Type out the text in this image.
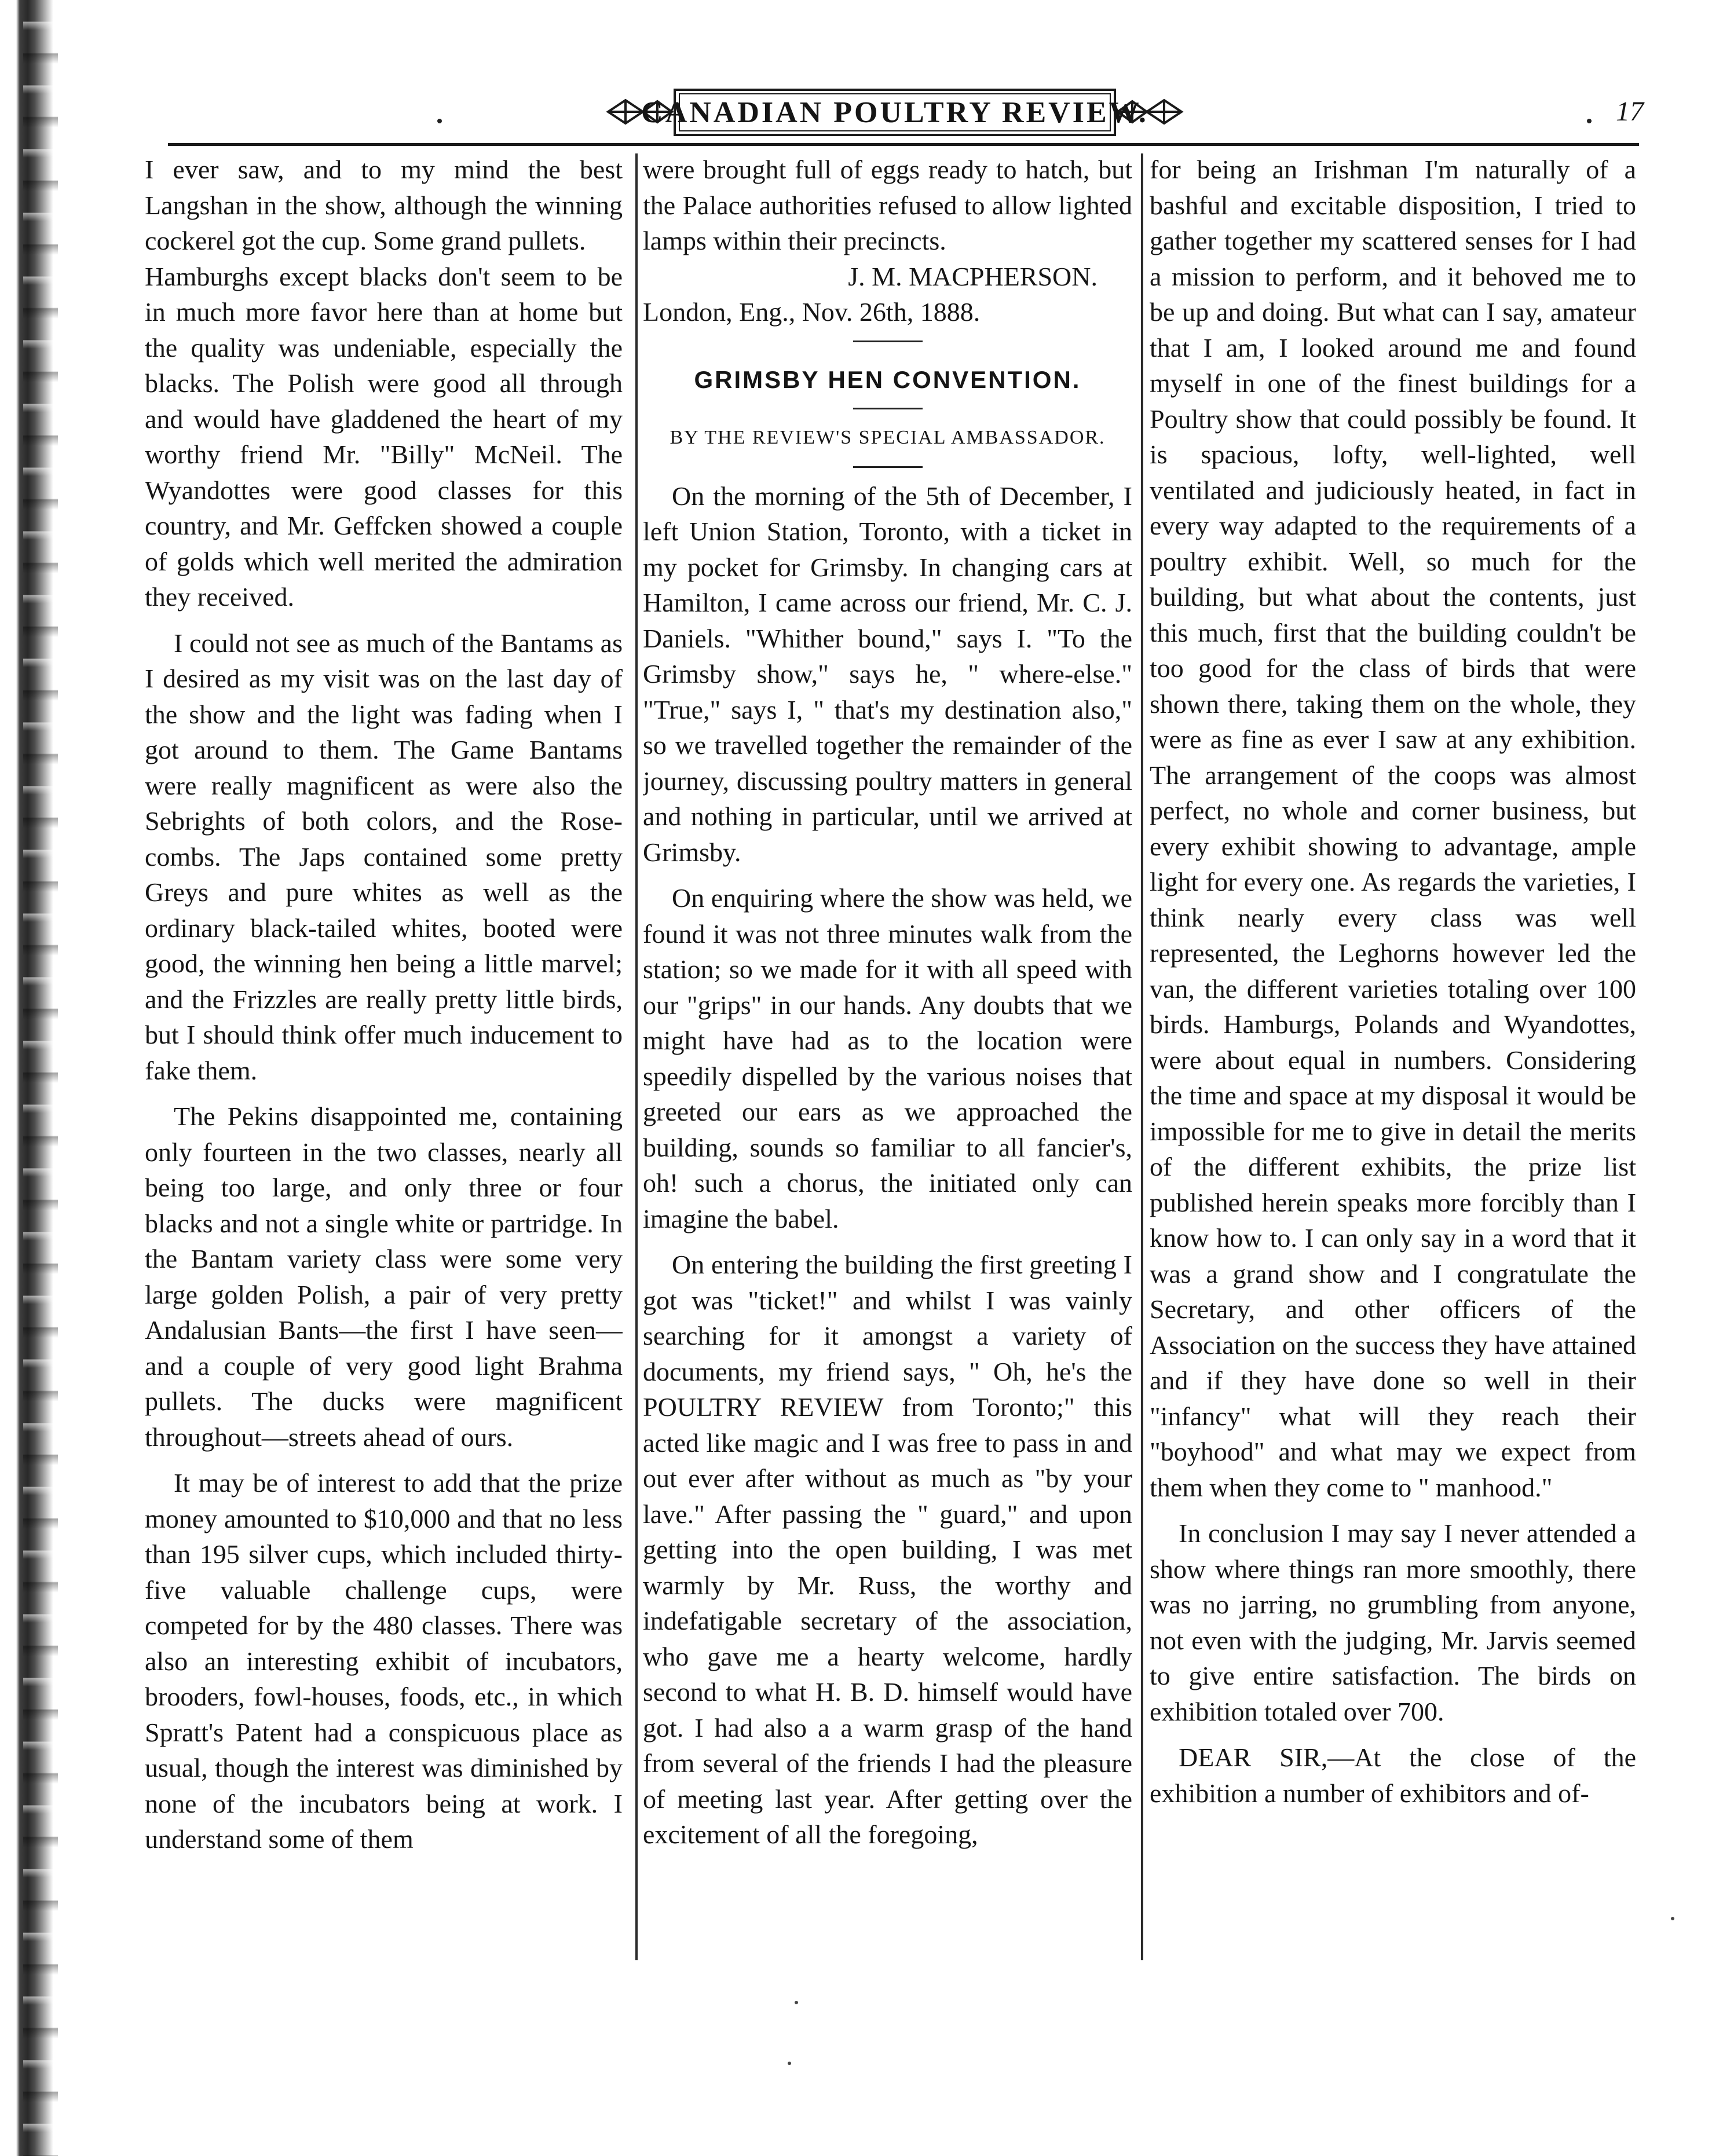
CANADIAN POULTRY REVIEW.	17

I ever saw, and to my mind the best Langshan in the show, although the winning cockerel got the cup. Some grand pullets.

Hamburghs except blacks don't seem to be in much more favor here than at home but the quality was undeniable, especially the blacks. The Polish were good all through and would have gladdened the heart of my worthy friend Mr. "Billy" McNeil. The Wyandottes were good classes for this country, and Mr. Geffcken showed a couple of golds which well merited the admiration they received.

I could not see as much of the Bantams as I desired as my visit was on the last day of the show and the light was fading when I got around to them. The Game Bantams were really magnificent as were also the Sebrights of both colors, and the Rose-combs. The Japs contained some pretty Greys and pure whites as well as the ordinary black-tailed whites, booted were good, the winning hen being a little marvel; and the Frizzles are really pretty little birds, but I should think offer much inducement to fake them.

The Pekins disappointed me, containing only fourteen in the two classes, nearly all being too large, and only three or four blacks and not a single white or partridge. In the Bantam variety class were some very large golden Polish, a pair of very pretty Andalusian Bants—the first I have seen—and a couple of very good light Brahma pullets. The ducks were magnificent throughout—streets ahead of ours.

It may be of interest to add that the prize money amounted to $10,000 and that no less than 195 silver cups, which included thirty-five valuable challenge cups, were competed for by the 480 classes. There was also an interesting exhibit of incubators, brooders, fowl-houses, foods, etc., in which Spratt's Patent had a conspicuous place as usual, though the interest was diminished by none of the incubators being at work. I understand some of them

were brought full of eggs ready to hatch, but the Palace authorities refused to allow lighted lamps within their precincts.

J. M. MACPHERSON.

London, Eng., Nov. 26th, 1888.

GRIMSBY HEN CONVENTION.
BY THE REVIEW'S SPECIAL AMBASSADOR.

On the morning of the 5th of December, I left Union Station, Toronto, with a ticket in my pocket for Grimsby. In changing cars at Hamilton, I came across our friend, Mr. C. J. Daniels. "Whither bound," says I. "To the Grimsby show," says he, " where-else." "True," says I, " that's my destination also," so we travelled together the remainder of the journey, discussing poultry matters in general and nothing in particular, until we arrived at Grimsby.

On enquiring where the show was held, we found it was not three minutes walk from the station; so we made for it with all speed with our "grips" in our hands. Any doubts that we might have had as to the location were speedily dispelled by the various noises that greeted our ears as we approached the building, sounds so familiar to all fancier's, oh! such a chorus, the initiated only can imagine the babel.

On entering the building the first greeting I got was "ticket!" and whilst I was vainly searching for it amongst a variety of documents, my friend says, " Oh, he's the POULTRY REVIEW from Toronto;" this acted like magic and I was free to pass in and out ever after without as much as "by your lave." After passing the " guard," and upon getting into the open building, I was met warmly by Mr. Russ, the worthy and indefatigable secretary of the association, who gave me a hearty welcome, hardly second to what H. B. D. himself would have got. I had also a a warm grasp of the hand from several of the friends I had the pleasure of meeting last year. After getting over the excitement of all the foregoing,

for being an Irishman I'm naturally of a bashful and excitable disposition, I tried to gather together my scattered senses for I had a mission to perform, and it behoved me to be up and doing. But what can I say, amateur that I am, I looked around me and found myself in one of the finest buildings for a Poultry show that could possibly be found. It is spacious, lofty, well-lighted, well ventilated and judiciously heated, in fact in every way adapted to the requirements of a poultry exhibit. Well, so much for the building, but what about the contents, just this much, first that the building couldn't be too good for the class of birds that were shown there, taking them on the whole, they were as fine as ever I saw at any exhibition. The arrangement of the coops was almost perfect, no whole and corner business, but every exhibit showing to advantage, ample light for every one. As regards the varieties, I think nearly every class was well represented, the Leghorns however led the van, the different varieties totaling over 100 birds. Hamburgs, Polands and Wyandottes, were about equal in numbers. Considering the time and space at my disposal it would be impossible for me to give in detail the merits of the different exhibits, the prize list published herein speaks more forcibly than I know how to. I can only say in a word that it was a grand show and I congratulate the Secretary, and other officers of the Association on the success they have attained and if they have done so well in their "infancy" what will they reach their "boyhood" and what may we expect from them when they come to " manhood."

In conclusion I may say I never attended a show where things ran more smoothly, there was no jarring, no grumbling from anyone, not even with the judging, Mr. Jarvis seemed to give entire satisfaction. The birds on exhibition totaled over 700.

DEAR SIR,—At the close of the exhibition a number of exhibitors and of-
